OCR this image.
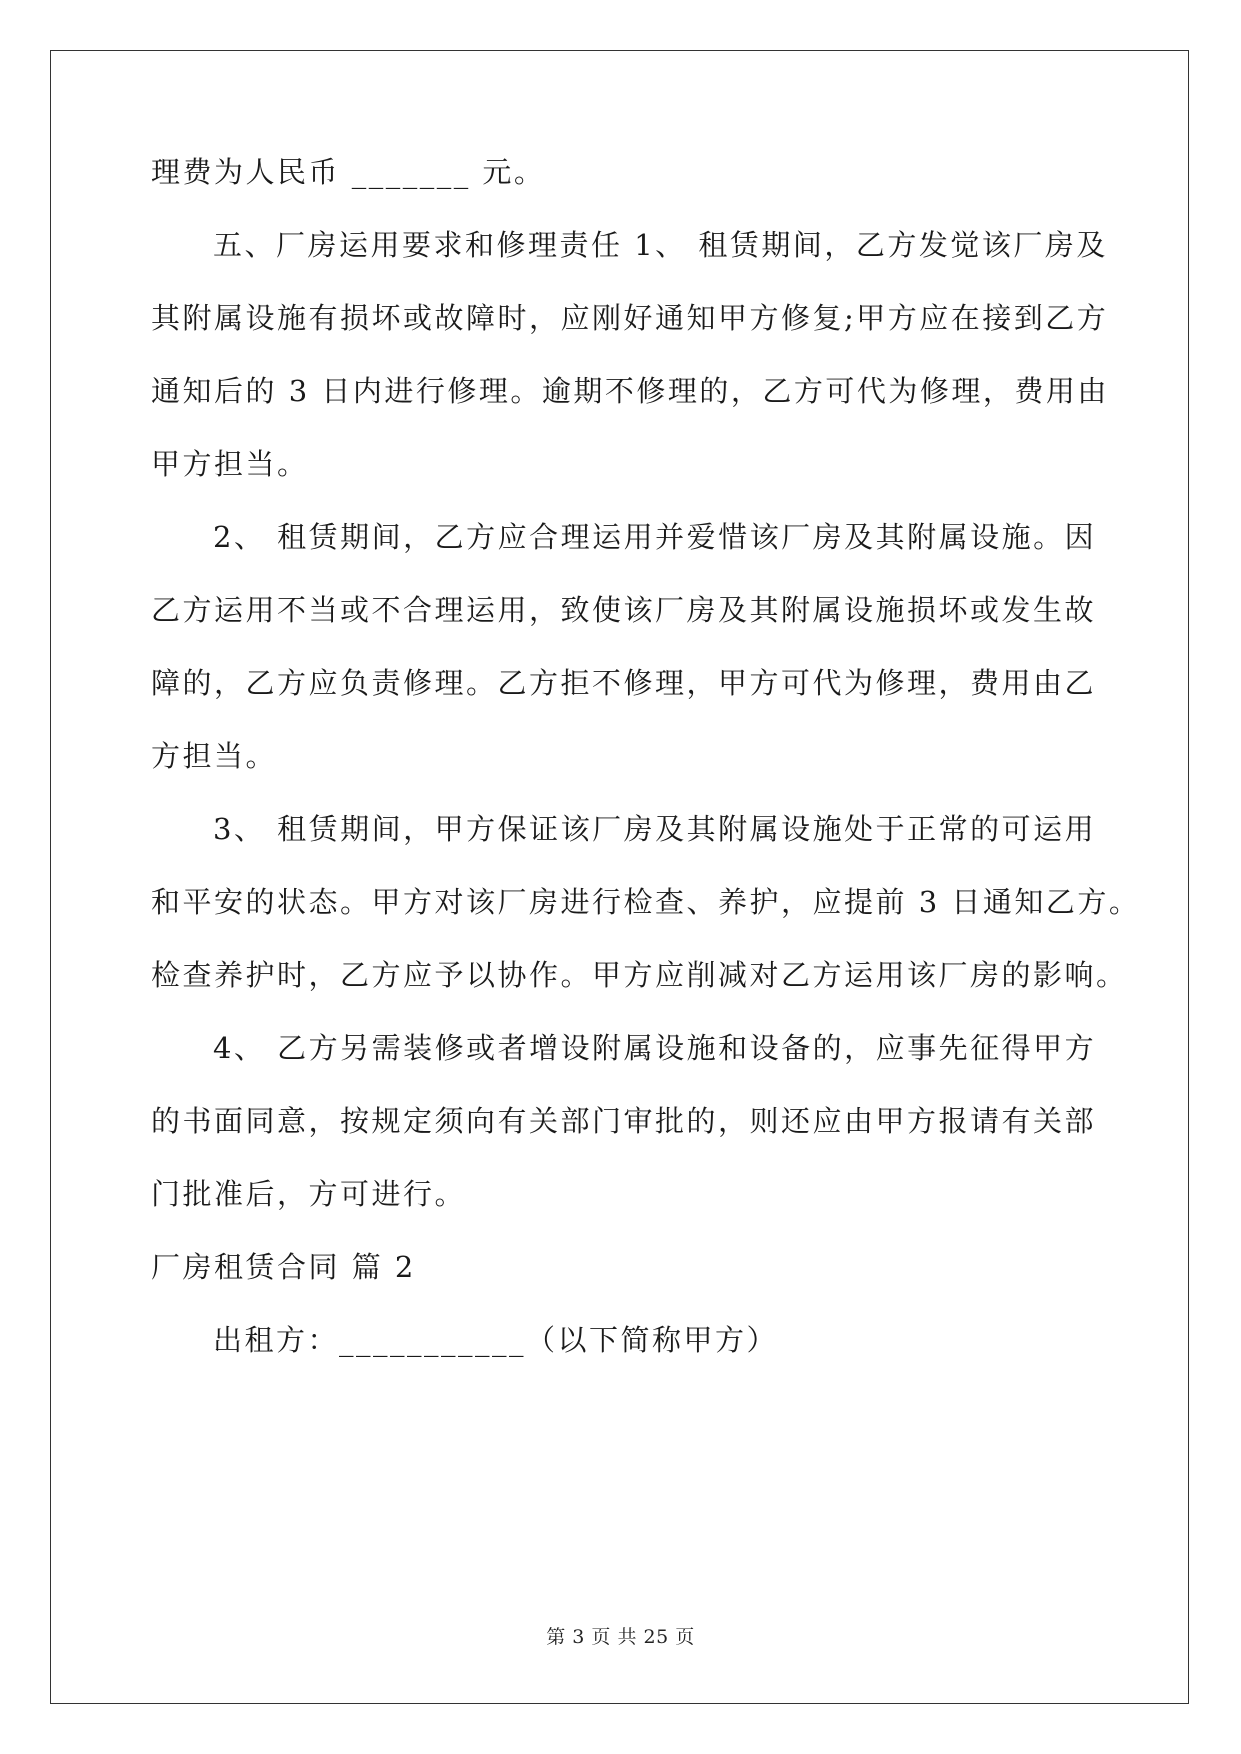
理费为人民币 _______ 元。
五、厂房运用要求和修理责任 1、 租赁期间，乙方发觉该厂房及
其附属设施有损坏或故障时，应刚好通知甲方修复;甲方应在接到乙方
通知后的 3 日内进行修理。逾期不修理的，乙方可代为修理，费用由
甲方担当。
2、 租赁期间，乙方应合理运用并爱惜该厂房及其附属设施。因
乙方运用不当或不合理运用，致使该厂房及其附属设施损坏或发生故
障的，乙方应负责修理。乙方拒不修理，甲方可代为修理，费用由乙
方担当。
3、 租赁期间，甲方保证该厂房及其附属设施处于正常的可运用
和平安的状态。甲方对该厂房进行检查、养护，应提前 3 日通知乙方。
检查养护时，乙方应予以协作。甲方应削减对乙方运用该厂房的影响。
4、 乙方另需装修或者增设附属设施和设备的，应事先征得甲方
的书面同意，按规定须向有关部门审批的，则还应由甲方报请有关部
门批准后，方可进行。
厂房租赁合同 篇 2
出租方：___________（以下简称甲方）
第 3 页 共 25 页
